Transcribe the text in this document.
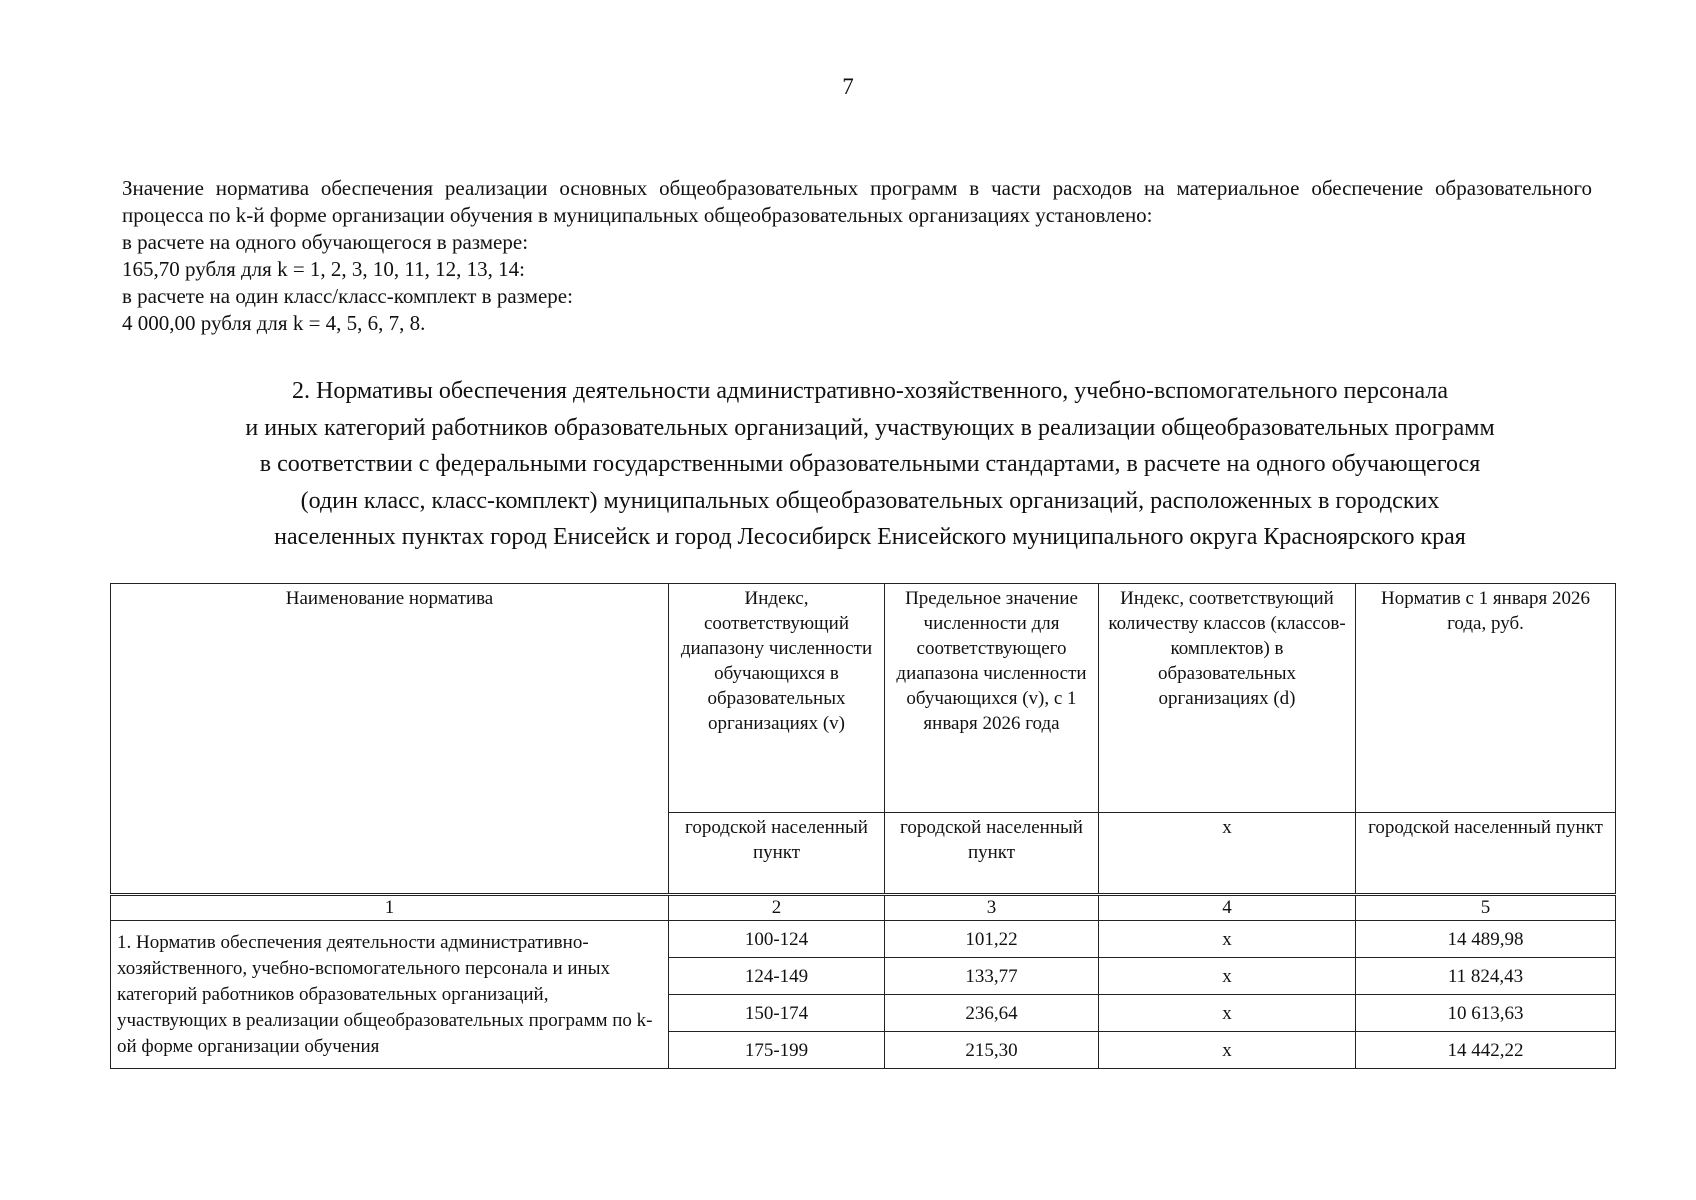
7

Значение норматива обеспечения реализации основных общеобразовательных программ в части расходов на материальное обеспечение образовательного процесса по k-й форме организации обучения в муниципальных общеобразовательных организациях установлено:

в расчете на одного обучающегося в размере:

165,70 рубля для k = 1, 2, 3, 10, 11, 12, 13, 14:

в расчете на один класс/класс-комплект в размере:

4 000,00 рубля для k = 4, 5, 6, 7, 8.

2. Нормативы обеспечения деятельности административно-хозяйственного, учебно-вспомогательного персонала

и иных категорий работников образовательных организаций, участвующих в реализации общеобразовательных программ

в соответствии с федеральными государственными образовательными стандартами, в расчете на одного обучающегося

(один класс, класс-комплект) муниципальных общеобразовательных организаций, расположенных в городских

населенных пунктах город Енисейск и город Лесосибирск Енисейского муниципального округа Красноярского края

Наименование норматива	Индекс, соответствующий диапазону численности обучающихся в образовательных организациях (v)	Предельное значение численности для соответствующего диапазона численности обучающихся (v), с 1 января 2026 года	Индекс, соответствующий количеству классов (классов-комплектов) в образовательных организациях (d)	Норматив с 1 января 2026 года, руб.
	городской населенный пункт	городской населенный пункт	x	городской населенный пункт
1	2	3	4	5
1. Норматив обеспечения деятельности административно-хозяйственного, учебно-вспомогательного персонала и иных категорий работников образовательных организаций, участвующих в реализации общеобразовательных программ по k-ой форме организации обучения	100-124	101,22	x	14 489,98
	124-149	133,77	x	11 824,43
	150-174	236,64	x	10 613,63
	175-199	215,30	x	14 442,22
